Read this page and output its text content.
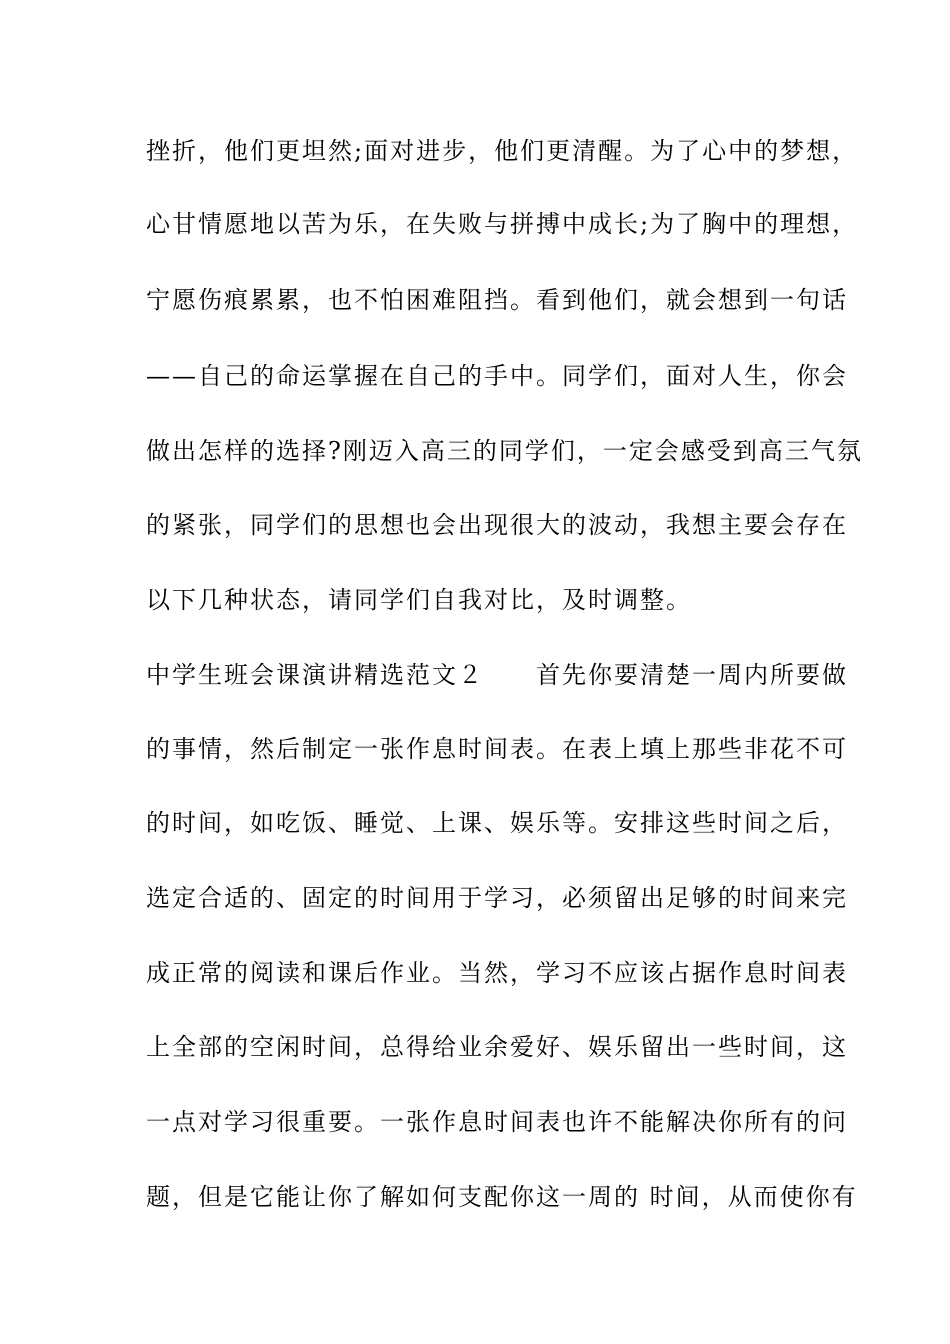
挫折，他们更坦然;面对进步，他们更清醒。为了心中的梦想，
心甘情愿地以苦为乐，在失败与拼搏中成长;为了胸中的理想，
宁愿伤痕累累，也不怕困难阻挡。看到他们，就会想到一句话
——自己的命运掌握在自己的手中。同学们，面对人生，你会
做出怎样的选择?刚迈入高三的同学们，一定会感受到高三气氛
的紧张，同学们的思想也会出现很大的波动，我想主要会存在
以下几种状态，请同学们自我对比，及时调整。
中学生班会课演讲精选范文２　　首先你要清楚一周内所要做
的事情，然后制定一张作息时间表。在表上填上那些非花不可
的时间，如吃饭、睡觉、上课、娱乐等。安排这些时间之后，
选定合适的、固定的时间用于学习，必须留出足够的时间来完
成正常的阅读和课后作业。当然，学习不应该占据作息时间表
上全部的空闲时间，总得给业余爱好、娱乐留出一些时间，这
一点对学习很重要。一张作息时间表也许不能解决你所有的问
题，但是它能让你了解如何支配你这一周的 时间，从而使你有
